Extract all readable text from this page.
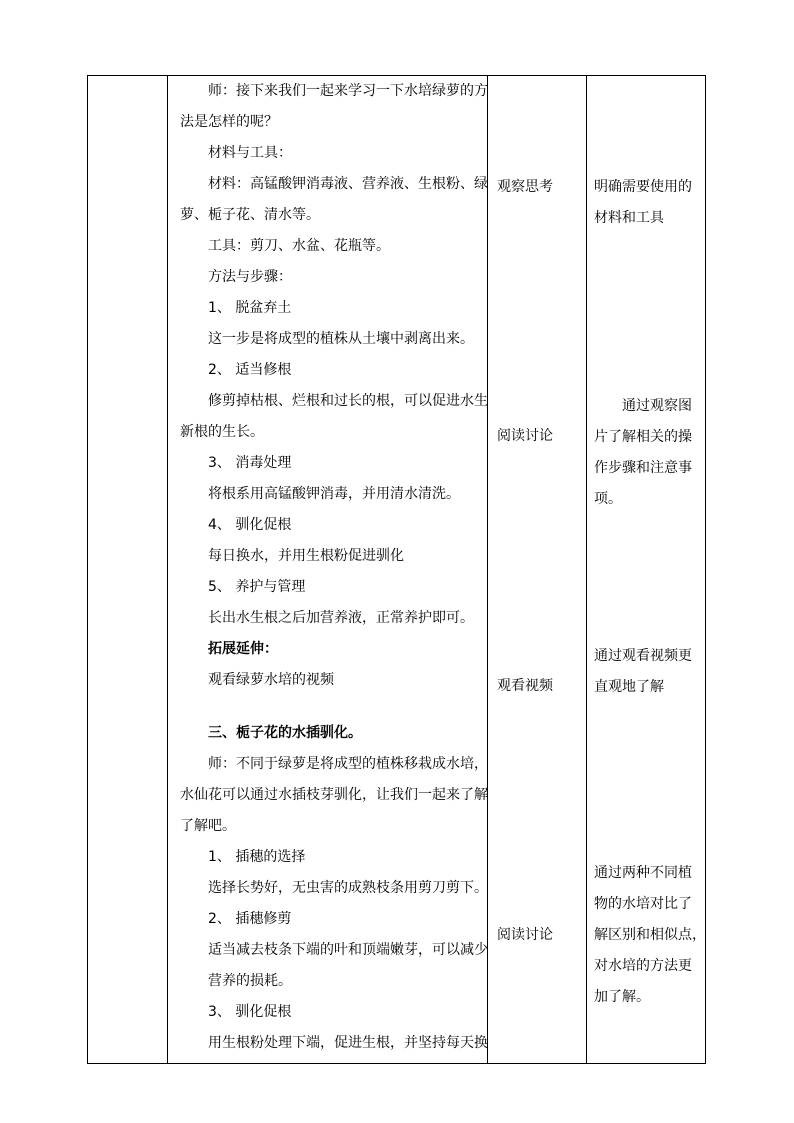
师：接下来我们一起来学习一下水培绿萝的方

法是怎样的呢？

材料与工具：

材料：高锰酸钾消毒液、营养液、生根粉、绿

萝、栀子花、清水等。

工具：剪刀、水盆、花瓶等。

方法与步骤：

1、 脱盆弃土

这一步是将成型的植株从土壤中剥离出来。

2、 适当修根

修剪掉枯根、烂根和过长的根，可以促进水生

新根的生长。

3、 消毒处理

将根系用高锰酸钾消毒，并用清水清洗。

4、 驯化促根

每日换水，并用生根粉促进驯化

5、 养护与管理

长出水生根之后加营养液，正常养护即可。

拓展延伸：

观看绿萝水培的视频

三、栀子花的水插驯化。

师：不同于绿萝是将成型的植株移栽成水培，

水仙花可以通过水插枝芽驯化，让我们一起来了解

了解吧。

1、 插穗的选择

选择长势好，无虫害的成熟枝条用剪刀剪下。

2、 插穗修剪

适当减去枝条下端的叶和顶端嫩芽，可以减少

营养的损耗。

3、 驯化促根

用生根粉处理下端，促进生根，并坚持每天换

观察思考
阅读讨论
观看视频
阅读讨论

明确需要使用的

材料和工具

通过观察图

片了解相关的操

作步骤和注意事

项。

通过观看视频更

直观地了解

通过两种不同植

物的水培对比了

解区别和相似点，

对水培的方法更

加了解。
